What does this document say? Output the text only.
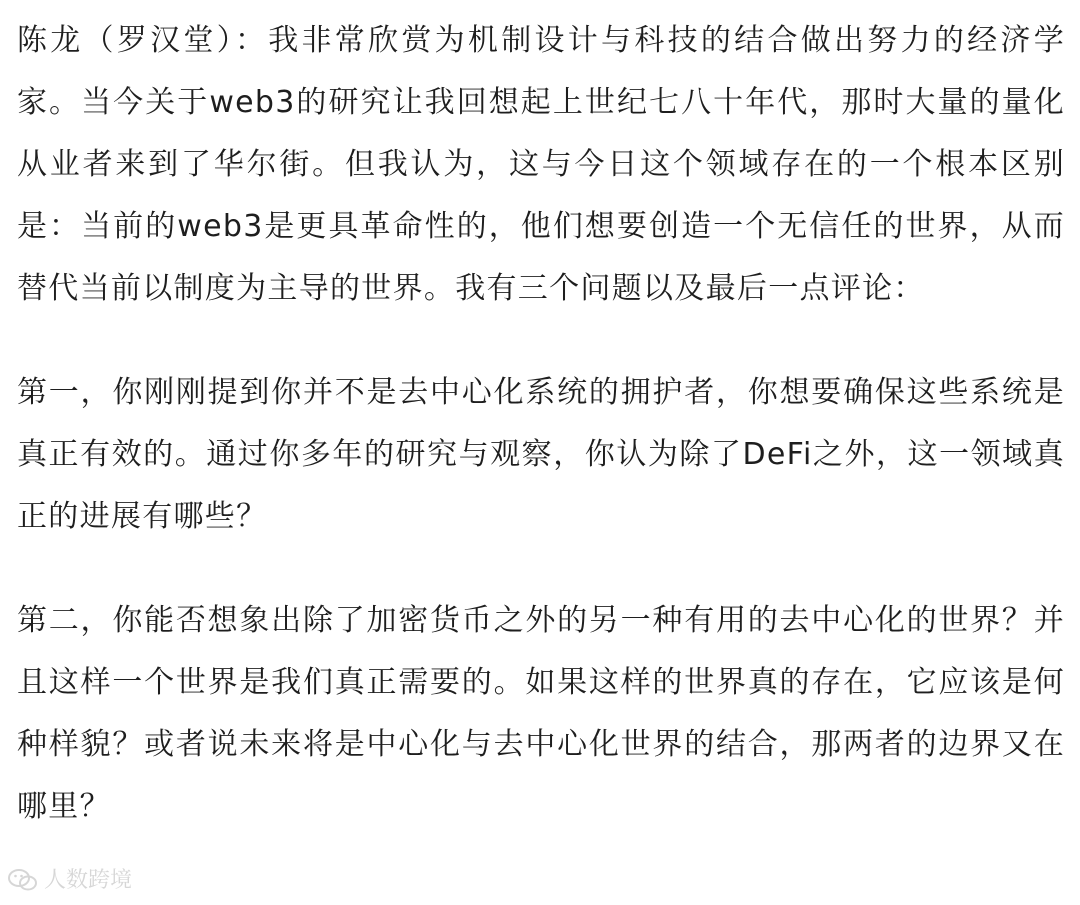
陈龙（罗汉堂）：我非常欣赏为机制设计与科技的结合做出努力的经济学家。当今关于web3的研究让我回想起上世纪七八十年代，那时大量的量化从业者来到了华尔街。但我认为，这与今日这个领域存在的一个根本区别是：当前的web3是更具革命性的，他们想要创造一个无信任的世界，从而替代当前以制度为主导的世界。我有三个问题以及最后一点评论：

第一，你刚刚提到你并不是去中心化系统的拥护者，你想要确保这些系统是真正有效的。通过你多年的研究与观察，你认为除了DeFi之外，这一领域真正的进展有哪些？

第二，你能否想象出除了加密货币之外的另一种有用的去中心化的世界？并且这样一个世界是我们真正需要的。如果这样的世界真的存在，它应该是何种样貌？或者说未来将是中心化与去中心化世界的结合，那两者的边界又在哪里？

人数跨境
